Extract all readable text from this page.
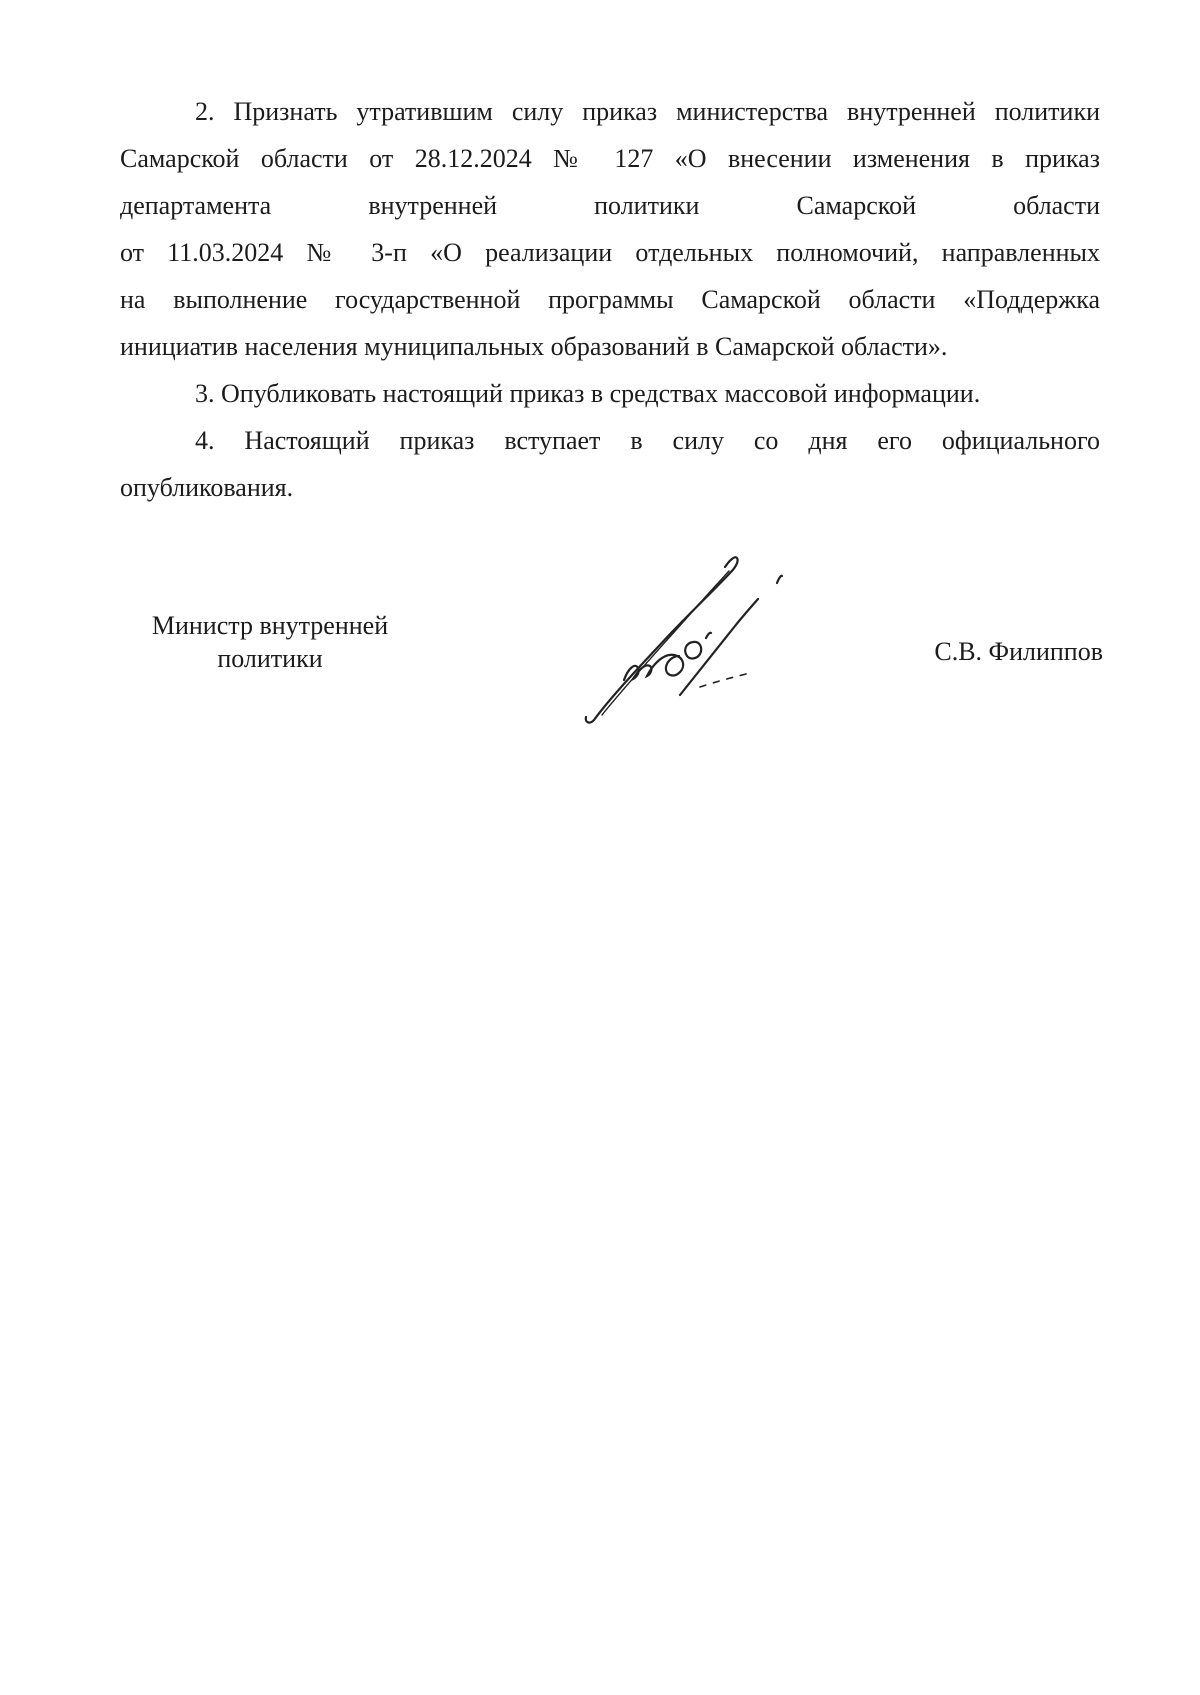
2. Признать утратившим силу приказ министерства внутренней политики
Самарской области от 28.12.2024 № 127 «О внесении изменения в приказ
департамента внутренней политики Самарской области
от 11.03.2024 № 3-п «О реализации отдельных полномочий, направленных
на выполнение государственной программы Самарской области «Поддержка
инициатив населения муниципальных образований в Самарской области».
3. Опубликовать настоящий приказ в средствах массовой информации.
4. Настоящий приказ вступает в силу со дня его официального
опубликования.
Министр внутренней
политики	С.В. Филиппов
